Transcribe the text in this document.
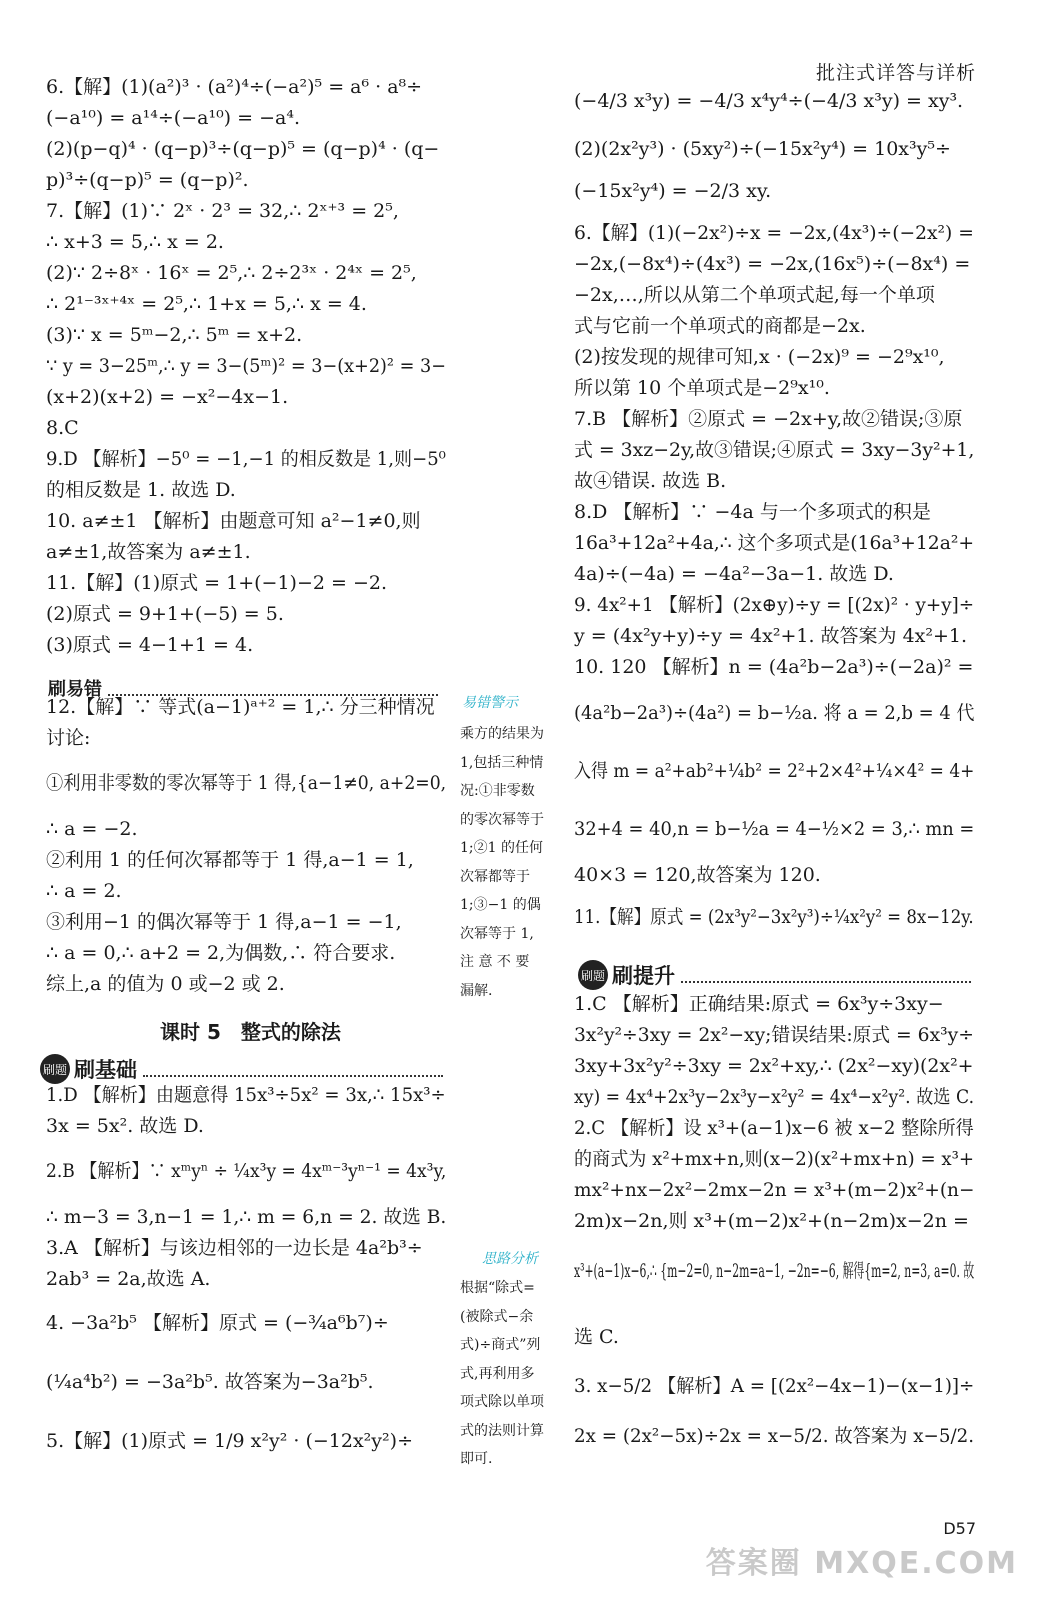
批注式详答与详析
6.【解】(1)(a²)³ · (a²)⁴÷(−a²)⁵ = a⁶ · a⁸÷
(−a¹⁰) = a¹⁴÷(−a¹⁰) = −a⁴.
(2)(p−q)⁴ · (q−p)³÷(q−p)⁵ = (q−p)⁴ · (q−
p)³÷(q−p)⁵ = (q−p)².
7.【解】(1)∵ 2ˣ · 2³ = 32,∴ 2ˣ⁺³ = 2⁵,
∴ x+3 = 5,∴ x = 2.
(2)∵ 2÷8ˣ · 16ˣ = 2⁵,∴ 2÷2³ˣ · 2⁴ˣ = 2⁵,
∴ 2¹⁻³ˣ⁺⁴ˣ = 2⁵,∴ 1+x = 5,∴ x = 4.
(3)∵ x = 5ᵐ−2,∴ 5ᵐ = x+2.
∵ y = 3−25ᵐ,∴ y = 3−(5ᵐ)² = 3−(x+2)² = 3−
(x+2)(x+2) = −x²−4x−1.
8.C
9.D 【解析】−5⁰ = −1,−1 的相反数是 1,则−5⁰
的相反数是 1. 故选 D.
10. a≠±1 【解析】由题意可知 a²−1≠0,则
a≠±1,故答案为 a≠±1.
11.【解】(1)原式 = 1+(−1)−2 = −2.
(2)原式 = 9+1+(−5) = 5.
(3)原式 = 4−1+1 = 4.
12.【解】∵ 等式(a−1)ᵃ⁺² = 1,∴ 分三种情况
讨论:
①利用非零数的零次幂等于 1 得,{a−1≠0, a+2=0,
∴ a = −2.
②利用 1 的任何次幂都等于 1 得,a−1 = 1,
∴ a = 2.
③利用−1 的偶次幂等于 1 得,a−1 = −1,
∴ a = 0,∴ a+2 = 2,为偶数,∴ 符合要求.
综上,a 的值为 0 或−2 或 2.
1.D 【解析】由题意得 15x³÷5x² = 3x,∴ 15x³÷
3x = 5x². 故选 D.
2.B 【解析】∵ xᵐyⁿ ÷ ¼x³y = 4xᵐ⁻³yⁿ⁻¹ = 4x³y,
∴ m−3 = 3,n−1 = 1,∴ m = 6,n = 2. 故选 B.
3.A 【解析】与该边相邻的一边长是 4a²b³÷
2ab³ = 2a,故选 A.
4. −3a²b⁵ 【解析】原式 = (−¾a⁶b⁷)÷
(¼a⁴b²) = −3a²b⁵. 故答案为−3a²b⁵.
5.【解】(1)原式 = 1/9 x²y² · (−12x²y²)÷
(−4/3 x³y) = −4/3 x⁴y⁴÷(−4/3 x³y) = xy³.
(2)(2x²y³) · (5xy²)÷(−15x²y⁴) = 10x³y⁵÷
(−15x²y⁴) = −2/3 xy.
6.【解】(1)(−2x²)÷x = −2x,(4x³)÷(−2x²) =
−2x,(−8x⁴)÷(4x³) = −2x,(16x⁵)÷(−8x⁴) =
−2x,…,所以从第二个单项式起,每一个单项
式与它前一个单项式的商都是−2x.
(2)按发现的规律可知,x · (−2x)⁹ = −2⁹x¹⁰,
所以第 10 个单项式是−2⁹x¹⁰.
7.B 【解析】②原式 = −2x+y,故②错误;③原
式 = 3xz−2y,故③错误;④原式 = 3xy−3y²+1,
故④错误. 故选 B.
8.D 【解析】∵ −4a 与一个多项式的积是
16a³+12a²+4a,∴ 这个多项式是(16a³+12a²+
4a)÷(−4a) = −4a²−3a−1. 故选 D.
9. 4x²+1 【解析】(2x⊕y)÷y = [(2x)² · y+y]÷
y = (4x²y+y)÷y = 4x²+1. 故答案为 4x²+1.
10. 120 【解析】n = (4a²b−2a³)÷(−2a)² =
(4a²b−2a³)÷(4a²) = b−½a. 将 a = 2,b = 4 代
入得 m = a²+ab²+¼b² = 2²+2×4²+¼×4² = 4+
32+4 = 40,n = b−½a = 4−½×2 = 3,∴ mn =
40×3 = 120,故答案为 120.
11.【解】原式 = (2x³y²−3x²y³)÷¼x²y² = 8x−12y.
1.C 【解析】正确结果:原式 = 6x³y÷3xy−
3x²y²÷3xy = 2x²−xy;错误结果:原式 = 6x³y÷
3xy+3x²y²÷3xy = 2x²+xy,∴ (2x²−xy)(2x²+
xy) = 4x⁴+2x³y−2x³y−x²y² = 4x⁴−x²y². 故选 C.
2.C 【解析】设 x³+(a−1)x−6 被 x−2 整除所得
的商式为 x²+mx+n,则(x−2)(x²+mx+n) = x³+
mx²+nx−2x²−2mx−2n = x³+(m−2)x²+(n−
2m)x−2n,则 x³+(m−2)x²+(n−2m)x−2n =
x³+(a−1)x−6,∴ {m−2=0, n−2m=a−1, −2n=−6, 解得{m=2, n=3, a=0. 故
选 C.
3. x−5/2 【解析】A = [(2x²−4x−1)−(x−1)]÷
2x = (2x²−5x)÷2x = x−5/2. 故答案为 x−5/2.
刷易错
课时 5　整式的除法
刷题 刷基础
刷题 刷提升
易错警示
乘方的结果为
1,包括三种情
况:①非零数
的零次幂等于
1;②1 的任何
次幂都等于
1;③−1 的偶
次幂等于 1,
注 意 不 要
漏解.
思路分析
根据“除式=
(被除式−余
式)÷商式”列
式,再利用多
项式除以单项
式的法则计算
即可.
D57
答案圈 MXQE.COM
